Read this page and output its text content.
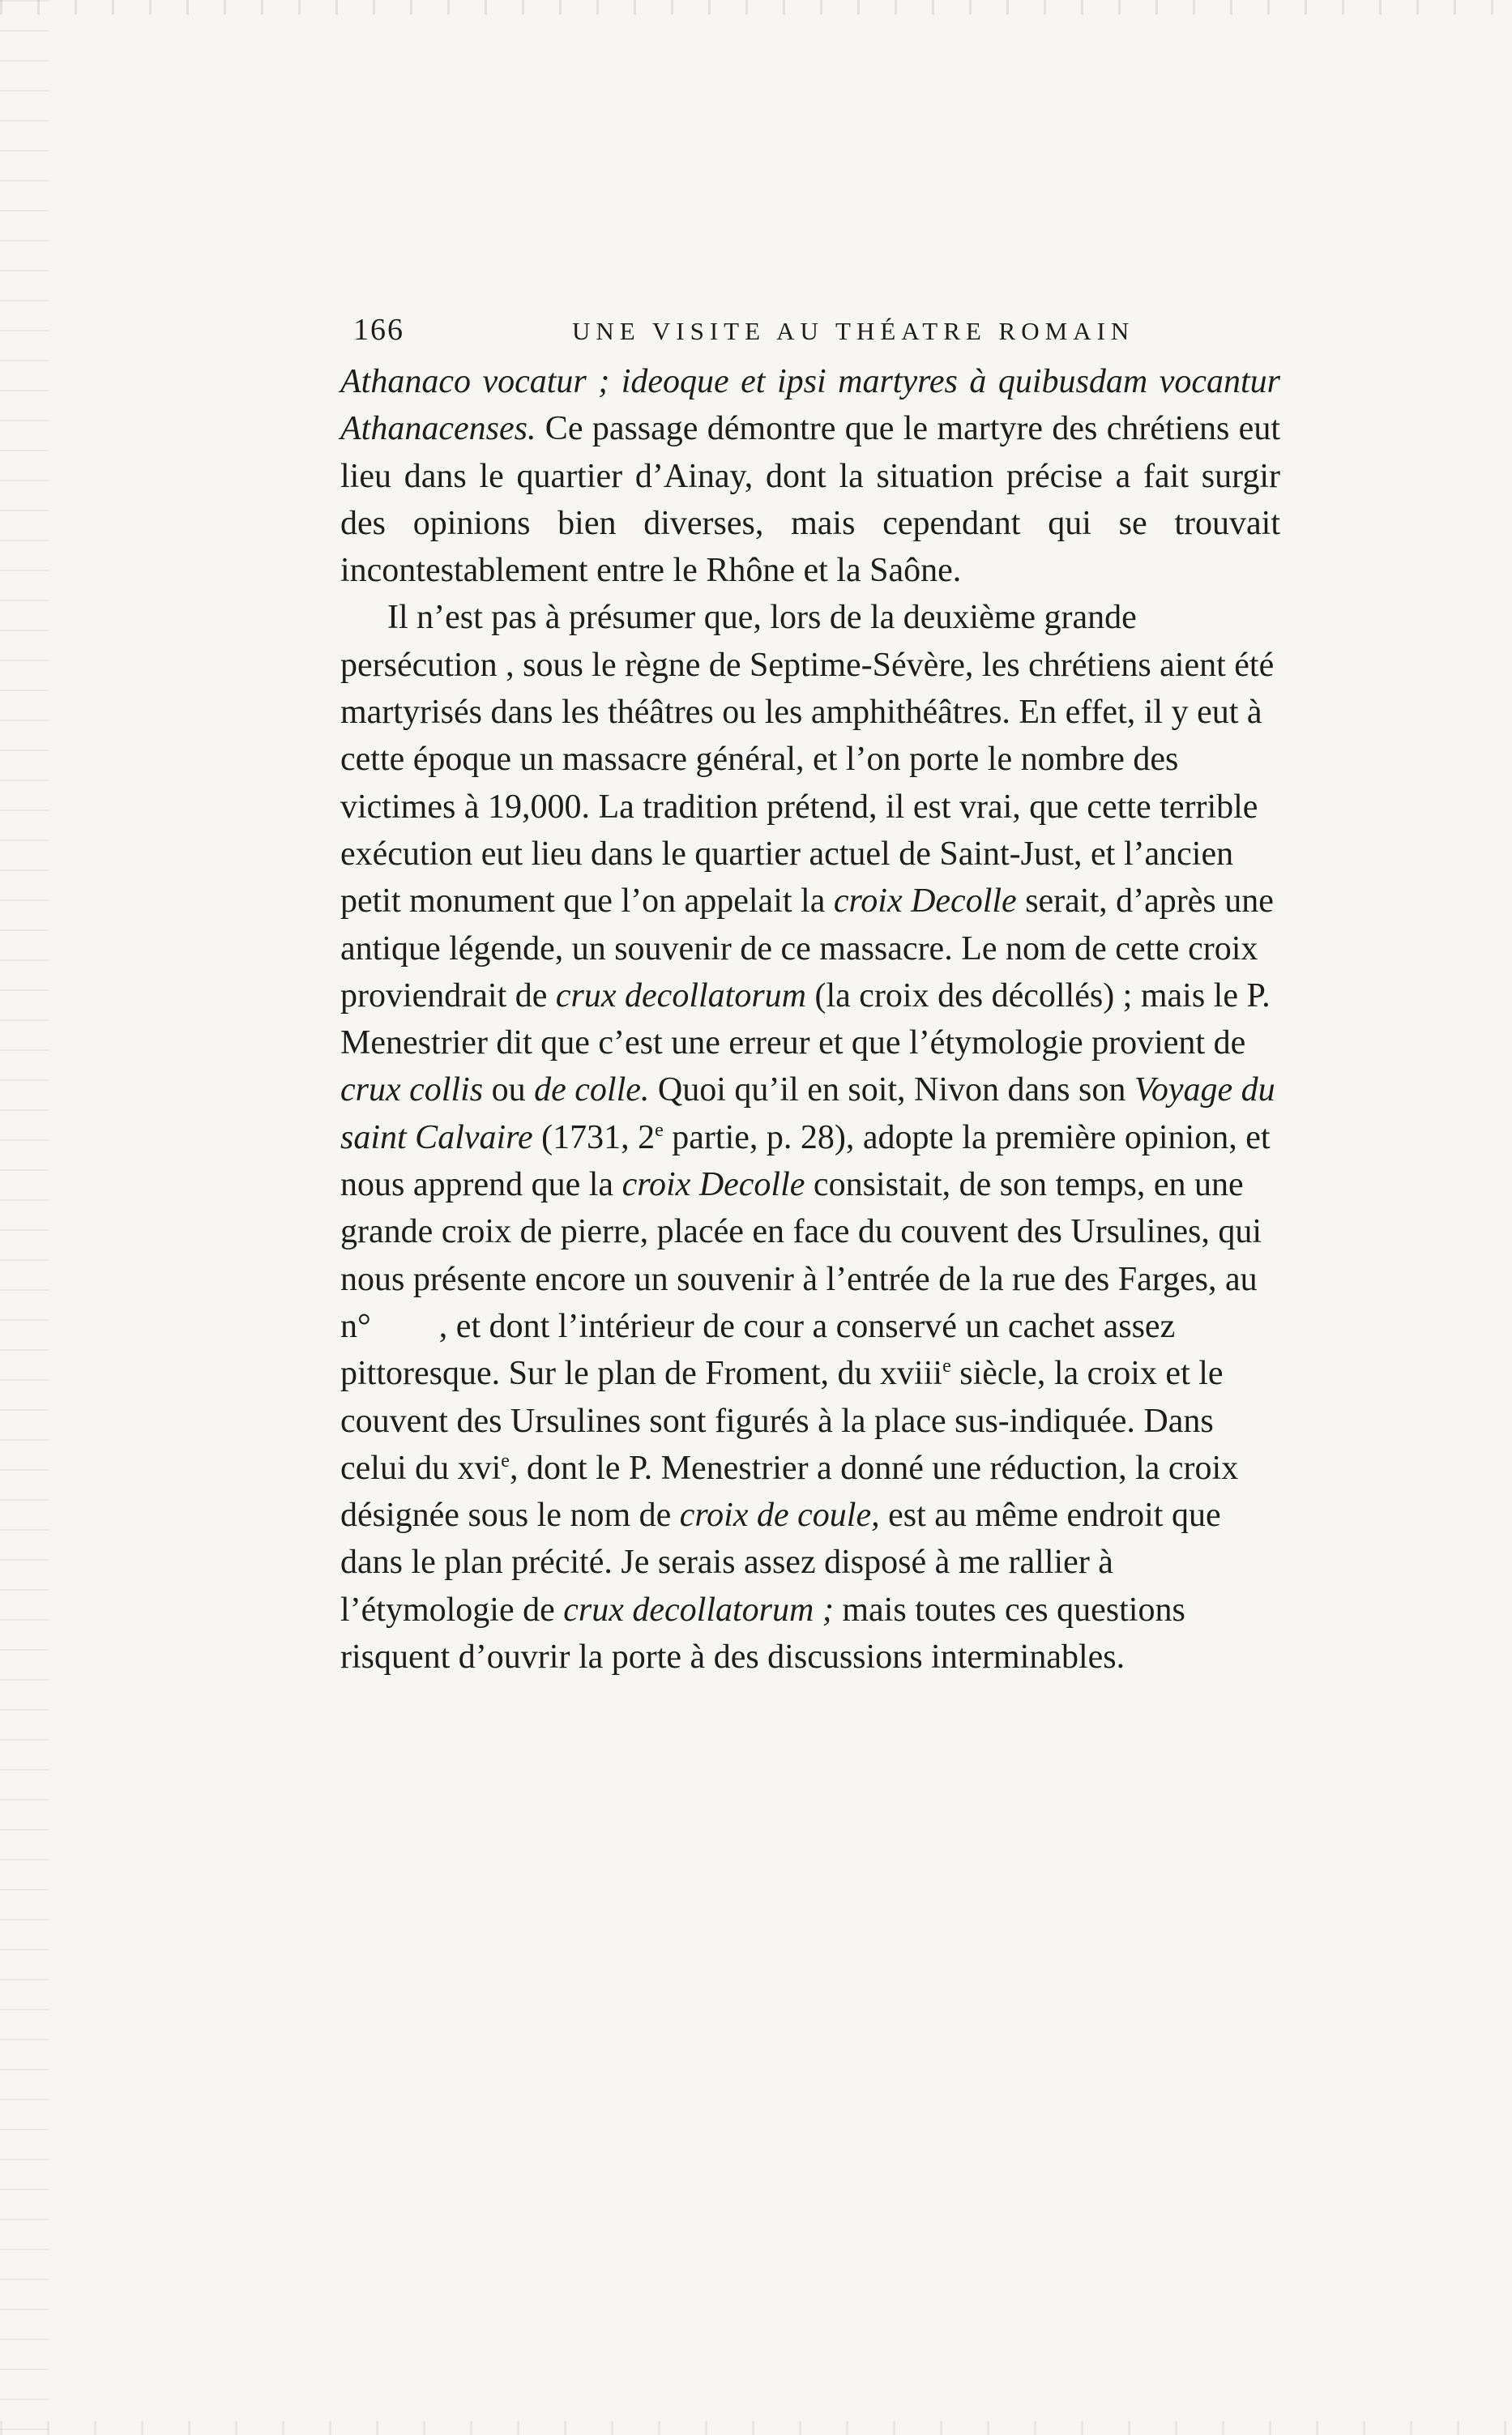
166	UNE VISITE AU THÉATRE ROMAIN

Athanaco vocatur ; ideoque et ipsi martyres à quibusdam vocantur Athanacenses. Ce passage démontre que le martyre des chrétiens eut lieu dans le quartier d’Ainay, dont la situation précise a fait surgir des opinions bien diverses, mais cependant qui se trouvait incontestablement entre le Rhône et la Saône.

Il n’est pas à présumer que, lors de la deuxième grande persécution , sous le règne de Septime-Sévère, les chrétiens aient été martyrisés dans les théâtres ou les amphithéâtres. En effet, il y eut à cette époque un massacre général, et l’on porte le nombre des victimes à 19,000. La tradition prétend, il est vrai, que cette terrible exécution eut lieu dans le quartier actuel de Saint-Just, et l’ancien petit monument que l’on appelait la croix Decolle serait, d’après une antique légende, un souvenir de ce massacre. Le nom de cette croix proviendrait de crux decollatorum (la croix des décollés) ; mais le P. Menestrier dit que c’est une erreur et que l’étymologie provient de crux collis ou de colle. Quoi qu’il en soit, Nivon dans son Voyage du saint Calvaire (1731, 2e partie, p. 28), adopte la première opinion, et nous apprend que la croix Decolle consistait, de son temps, en une grande croix de pierre, placée en face du couvent des Ursulines, qui nous présente encore un souvenir à l’entrée de la rue des Farges, au n°  , et dont l’intérieur de cour a conservé un cachet assez pittoresque. Sur le plan de Froment, du xviii$^e$ siècle, la croix et le couvent des Ursulines sont figurés à la place sus-indiquée. Dans celui du xvi$^e$, dont le P. Menestrier a donné une réduction, la croix désignée sous le nom de croix de coule, est au même endroit que dans le plan précité. Je serais assez disposé à me rallier à l’étymologie de crux decollatorum ; mais toutes ces questions risquent d’ouvrir la porte à des discussions interminables.
